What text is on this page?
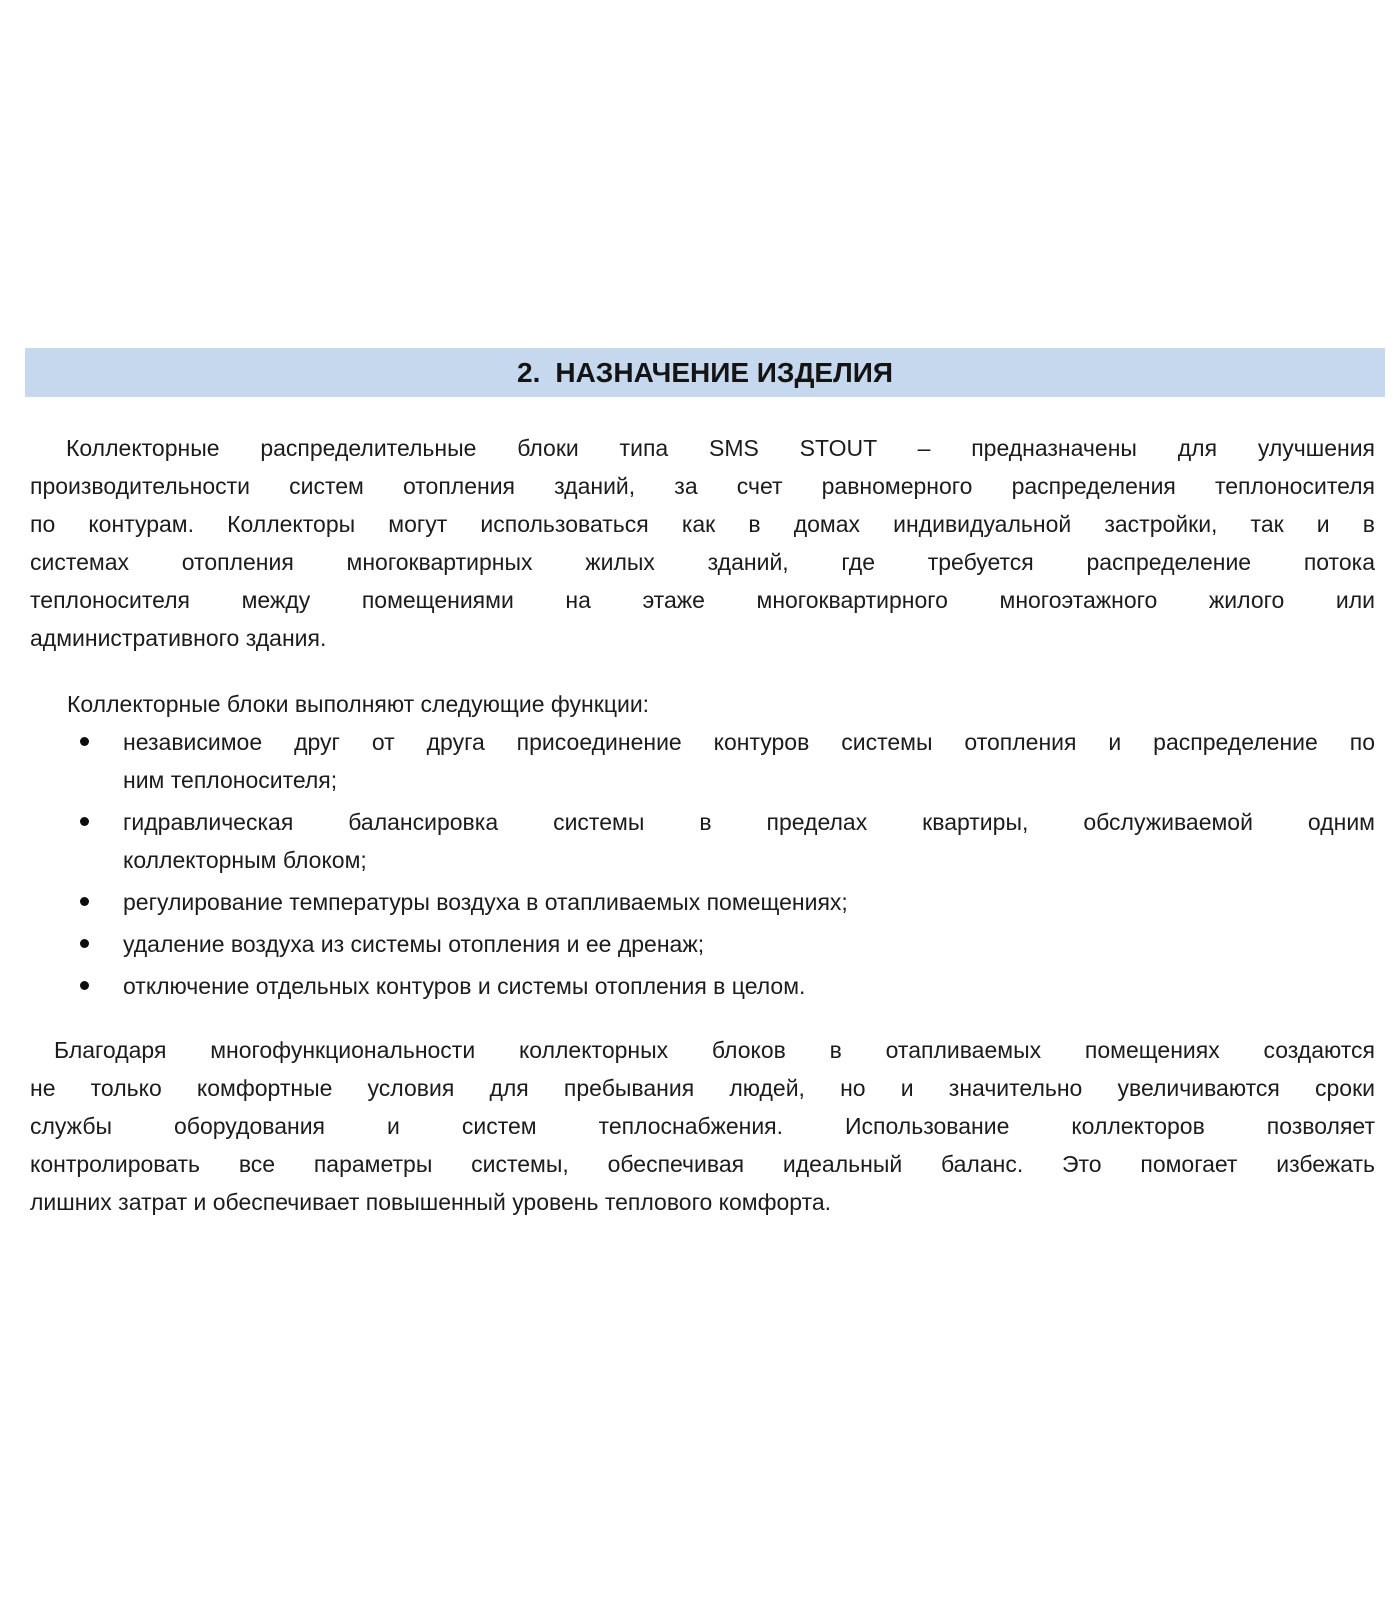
2. НАЗНАЧЕНИЕ ИЗДЕЛИЯ
Коллекторные распределительные блоки типа SMS STOUT – предназначены для улучшения
производительности систем отопления зданий, за счет равномерного распределения теплоносителя
по контурам. Коллекторы могут использоваться как в домах индивидуальной застройки, так и в
системах отопления многоквартирных жилых зданий, где требуется распределение потока
теплоносителя между помещениями на этаже многоквартирного многоэтажного жилого или
административного здания.
Коллекторные блоки выполняют следующие функции:
независимое друг от друга присоединение контуров системы отопления и распределение по
ним теплоносителя;
гидравлическая балансировка системы в пределах квартиры, обслуживаемой одним
коллекторным блоком;
регулирование температуры воздуха в отапливаемых помещениях;
удаление воздуха из системы отопления и ее дренаж;
отключение отдельных контуров и системы отопления в целом.
Благодаря многофункциональности коллекторных блоков в отапливаемых помещениях создаются
не только комфортные условия для пребывания людей, но и значительно увеличиваются сроки
службы оборудования и систем теплоснабжения. Использование коллекторов позволяет
контролировать все параметры системы, обеспечивая идеальный баланс. Это помогает избежать
лишних затрат и обеспечивает повышенный уровень теплового комфорта.
